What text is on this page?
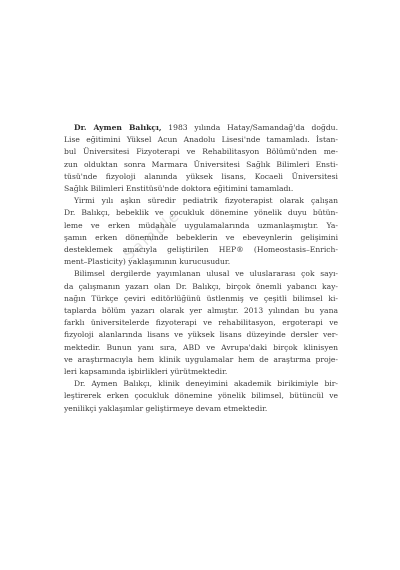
Sample
Dr. Aymen Balıkçı, 1983 yılında Hatay/Samandağ'da doğdu.
Lise eğitimini Yüksel Acun Anadolu Lisesi'nde tamamladı. İstan-
bul Üniversitesi Fizyoterapi ve Rehabilitasyon Bölümü'nden me-
zun olduktan sonra Marmara Üniversitesi Sağlık Bilimleri Ensti-
tüsü'nde fizyoloji alanında yüksek lisans, Kocaeli Üniversitesi
Sağlık Bilimleri Enstitüsü'nde doktora eğitimini tamamladı.
Yirmi yılı aşkın süredir pediatrik fizyoterapist olarak çalışan
Dr. Balıkçı, bebeklik ve çocukluk dönemine yönelik duyu bütün-
leme ve erken müdahale uygulamalarında uzmanlaşmıştır. Ya-
şamın erken döneminde bebeklerin ve ebeveynlerin gelişimini
desteklemek amacıyla geliştirilen HEP® (Homeostasis–Enrich-
ment–Plasticity) yaklaşımının kurucusudur.
Bilimsel dergilerde yayımlanan ulusal ve uluslararası çok sayı-
da çalışmanın yazarı olan Dr. Balıkçı, birçok önemli yabancı kay-
nağın Türkçe çeviri editörlüğünü üstlenmiş ve çeşitli bilimsel ki-
taplarda bölüm yazarı olarak yer almıştır. 2013 yılından bu yana
farklı üniversitelerde fizyoterapi ve rehabilitasyon, ergoterapi ve
fizyoloji alanlarında lisans ve yüksek lisans düzeyinde dersler ver-
mektedir. Bunun yanı sıra, ABD ve Avrupa'daki birçok klinisyen
ve araştırmacıyla hem klinik uygulamalar hem de araştırma proje-
leri kapsamında işbirlikleri yürütmektedir.
Dr. Aymen Balıkçı, klinik deneyimini akademik birikimiyle bir-
leştirerek erken çocukluk dönemine yönelik bilimsel, bütüncül ve
yenilikçi yaklaşımlar geliştirmeye devam etmektedir.
